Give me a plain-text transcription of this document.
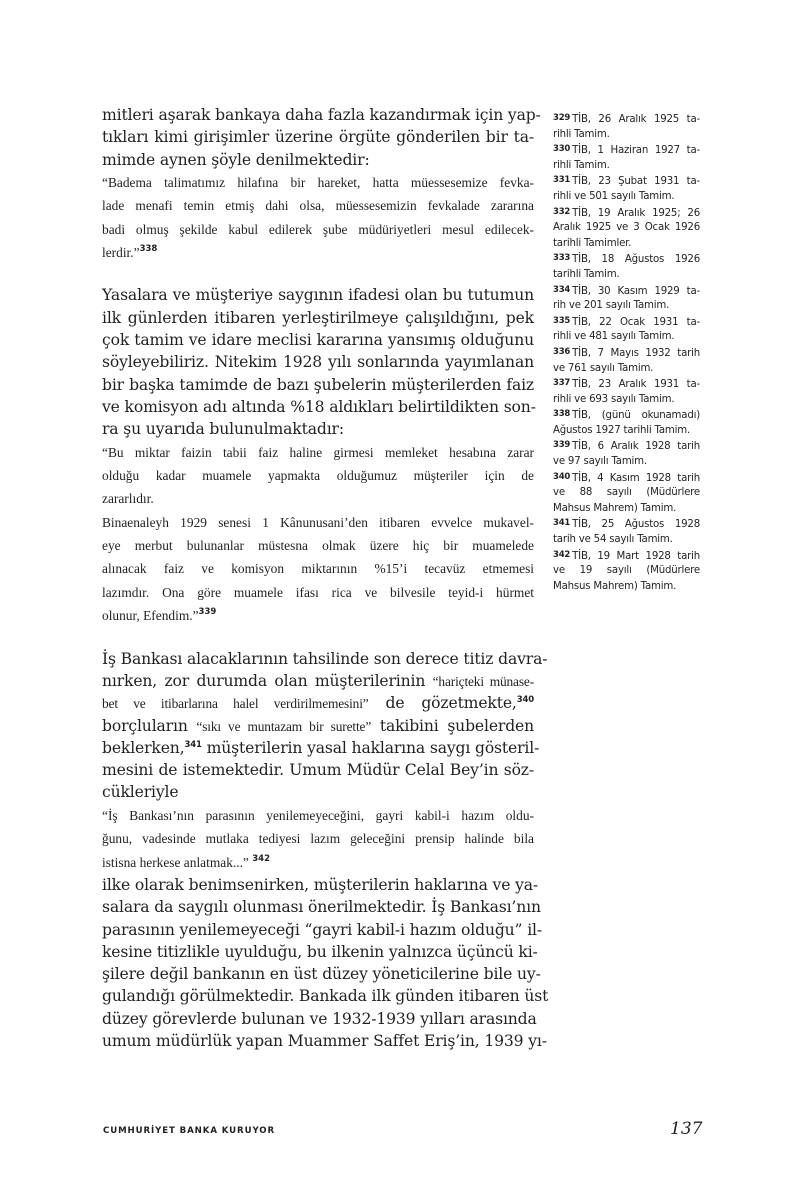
mitleri aşarak bankaya daha fazla kazandırmak için yap-
tıkları kimi girişimler üzerine örgüte gönderilen bir ta-
mimde aynen şöyle denilmektedir:
“Badema talimatımız hilafına bir hareket, hatta müessesemize fevka-
lade menafi temin etmiş dahi olsa, müessesemizin fevkalade zararına
badi olmuş şekilde kabul edilerek şube müdüriyetleri mesul edilecek-
lerdir.”$^{338}$
Yasalara ve müşteriye saygının ifadesi olan bu tutumun
ilk günlerden itibaren yerleştirilmeye çalışıldığını, pek
çok tamim ve idare meclisi kararına yansımış olduğunu
söyleyebiliriz. Nitekim 1928 yılı sonlarında yayımlanan
bir başka tamimde de bazı şubelerin müşterilerden faiz
ve komisyon adı altında %18 aldıkları belirtildikten son-
ra şu uyarıda bulunulmaktadır:
“Bu miktar faizin tabii faiz haline girmesi memleket hesabına zarar
olduğu kadar muamele yapmakta olduğumuz müşteriler için de
zararlıdır.
Binaenaleyh 1929 senesi 1 Kânunusani’den itibaren evvelce mukavel-
eye merbut bulunanlar müstesna olmak üzere hiç bir muamelede
alınacak faiz ve komisyon miktarının %15’i tecavüz etmemesi
lazımdır. Ona göre muamele ifası rica ve bilvesile teyid-i hürmet
olunur, Efendim.”$^{339}$
İş Bankası alacaklarının tahsilinde son derece titiz davra-
nırken, zor durumda olan müşterilerinin “hariçteki münase-
bet ve itibarlarına halel verdirilmemesini” de gözetmekte,$^{340}$
borçluların “sıkı ve muntazam bir surette” takibini şubelerden
beklerken,$^{341}$ müşterilerin yasal haklarına saygı gösteril-
mesini de istemektedir. Umum Müdür Celal Bey’in söz-
cükleriyle
“İş Bankası’nın parasının yenilemeyeceğini, gayri kabil-i hazım oldu-
ğunu, vadesinde mutlaka tediyesi lazım geleceğini prensip halinde bila
istisna herkese anlatmak...” $^{342}$
ilke olarak benimsenirken, müşterilerin haklarına ve ya-
salara da saygılı olunması önerilmektedir. İş Bankası’nın
parasının yenilemeyeceği “gayri kabil-i hazım olduğu” il-
kesine titizlikle uyulduğu, bu ilkenin yalnızca üçüncü ki-
şilere değil bankanın en üst düzey yöneticilerine bile uy-
gulandığı görülmektedir. Bankada ilk günden itibaren üst
düzey görevlerde bulunan ve 1932-1939 yılları arasında
umum müdürlük yapan Muammer Saffet Eriş’in, 1939 yı-
329 TİB, 26 Aralık 1925 ta-
rihli Tamim.
330 TİB, 1 Haziran 1927 ta-
rihli Tamim.
331 TİB, 23 Şubat 1931 ta-
rihli ve 501 sayılı Tamim.
332 TİB, 19 Aralık 1925; 26
Aralık 1925 ve 3 Ocak 1926
tarihli Tamimler.
333 TİB, 18 Ağustos 1926
tarihli Tamim.
334 TİB, 30 Kasım 1929 ta-
rih ve 201 sayılı Tamim.
335 TİB, 22 Ocak 1931 ta-
rihli ve 481 sayılı Tamim.
336 TİB, 7 Mayıs 1932 tarih
ve 761 sayılı Tamim.
337 TİB, 23 Aralık 1931 ta-
rihli ve 693 sayılı Tamim.
338 TİB, (günü okunamadı)
Ağustos 1927 tarihli Tamim.
339 TİB, 6 Aralık 1928 tarih
ve 97 sayılı Tamim.
340 TİB, 4 Kasım 1928 tarih
ve 88 sayılı (Müdürlere
Mahsus Mahrem) Tamim.
341 TİB, 25 Ağustos 1928
tarih ve 54 sayılı Tamim.
342 TİB, 19 Mart 1928 tarih
ve 19 sayılı (Müdürlere
Mahsus Mahrem) Tamim.
CUMHURİYET BANKA KURUYOR	137
